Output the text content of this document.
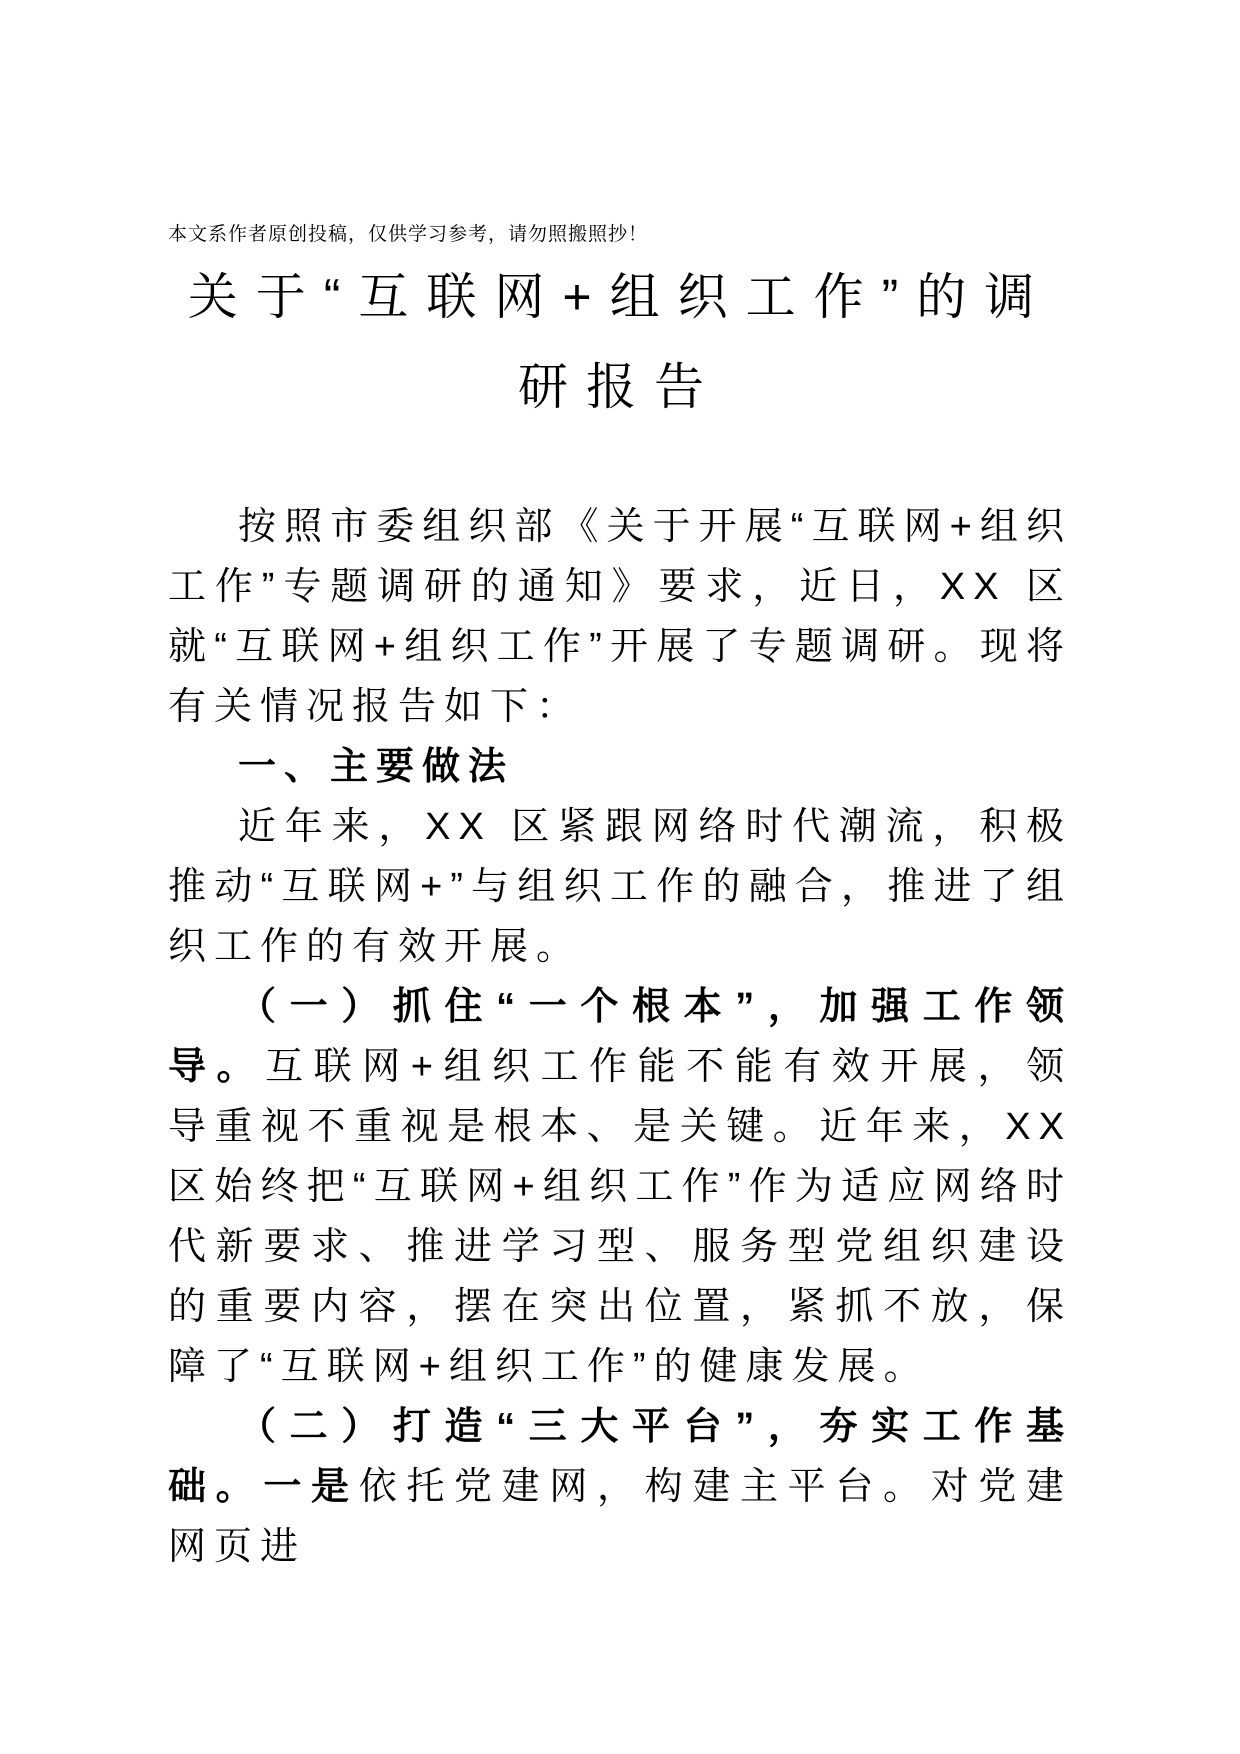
本文系作者原创投稿，仅供学习参考，请勿照搬照抄！
关于“互联网+组织工作”的调
研报告

按照市委组织部《关于开展“互联网+组织工作”专题调研的通知》要求，近日，XX 区就“互联网+组织工作”开展了专题调研。现将有关情况报告如下：

一、主要做法

近年来，XX 区紧跟网络时代潮流，积极推动“互联网+”与组织工作的融合，推进了组织工作的有效开展。

（一）抓住“一个根本”，加强工作领导。互联网+组织工作能不能有效开展，领导重视不重视是根本、是关键。近年来，XX 区始终把“互联网+组织工作”作为适应网络时代新要求、推进学习型、服务型党组织建设的重要内容，摆在突出位置，紧抓不放，保障了“互联网+组织工作”的健康发展。

（二）打造“三大平台”，夯实工作基础。一是依托党建网，构建主平台。对党建网页进
